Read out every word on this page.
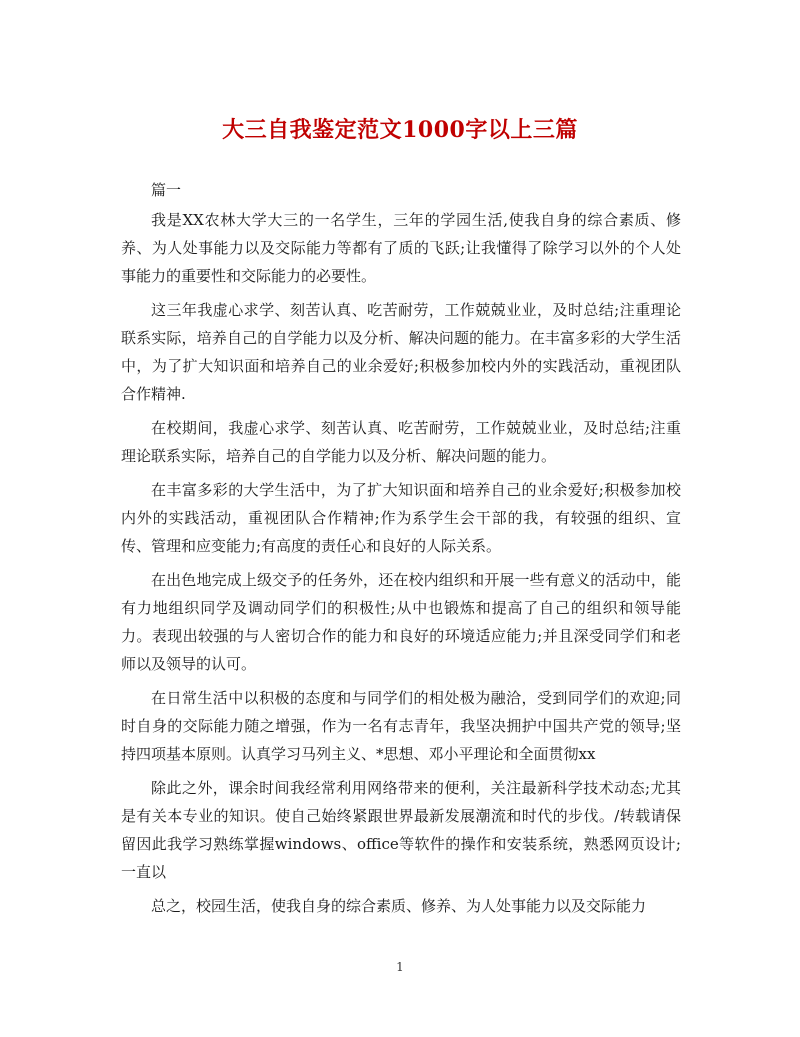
大三自我鉴定范文1000字以上三篇

篇一

我是XX农林大学大三的一名学生，三年的学园生活,使我自身的综合素质、修养、为人处事能力以及交际能力等都有了质的飞跃;让我懂得了除学习以外的个人处事能力的重要性和交际能力的必要性。

这三年我虚心求学、刻苦认真、吃苦耐劳，工作兢兢业业，及时总结;注重理论联系实际，培养自己的自学能力以及分析、解决问题的能力。在丰富多彩的大学生活中，为了扩大知识面和培养自己的业余爱好;积极参加校内外的实践活动，重视团队合作精神.

在校期间，我虚心求学、刻苦认真、吃苦耐劳，工作兢兢业业，及时总结;注重理论联系实际，培养自己的自学能力以及分析、解决问题的能力。

在丰富多彩的大学生活中，为了扩大知识面和培养自己的业余爱好;积极参加校内外的实践活动，重视团队合作精神;作为系学生会干部的我，有较强的组织、宣传、管理和应变能力;有高度的责任心和良好的人际关系。

在出色地完成上级交予的任务外，还在校内组织和开展一些有意义的活动中，能有力地组织同学及调动同学们的积极性;从中也锻炼和提高了自己的组织和领导能力。表现出较强的与人密切合作的能力和良好的环境适应能力;并且深受同学们和老师以及领导的认可。

在日常生活中以积极的态度和与同学们的相处极为融洽，受到同学们的欢迎;同时自身的交际能力随之增强，作为一名有志青年，我坚决拥护中国共产党的领导;坚持四项基本原则。认真学习马列主义、*思想、邓小平理论和全面贯彻xx

除此之外，课余时间我经常利用网络带来的便利，关注最新科学技术动态;尤其是有关本专业的知识。使自己始终紧跟世界最新发展潮流和时代的步伐。/转载请保留因此我学习熟练掌握windows、office等软件的操作和安装系统，熟悉网页设计;一直以

总之，校园生活，使我自身的综合素质、修养、为人处事能力以及交际能力

1
